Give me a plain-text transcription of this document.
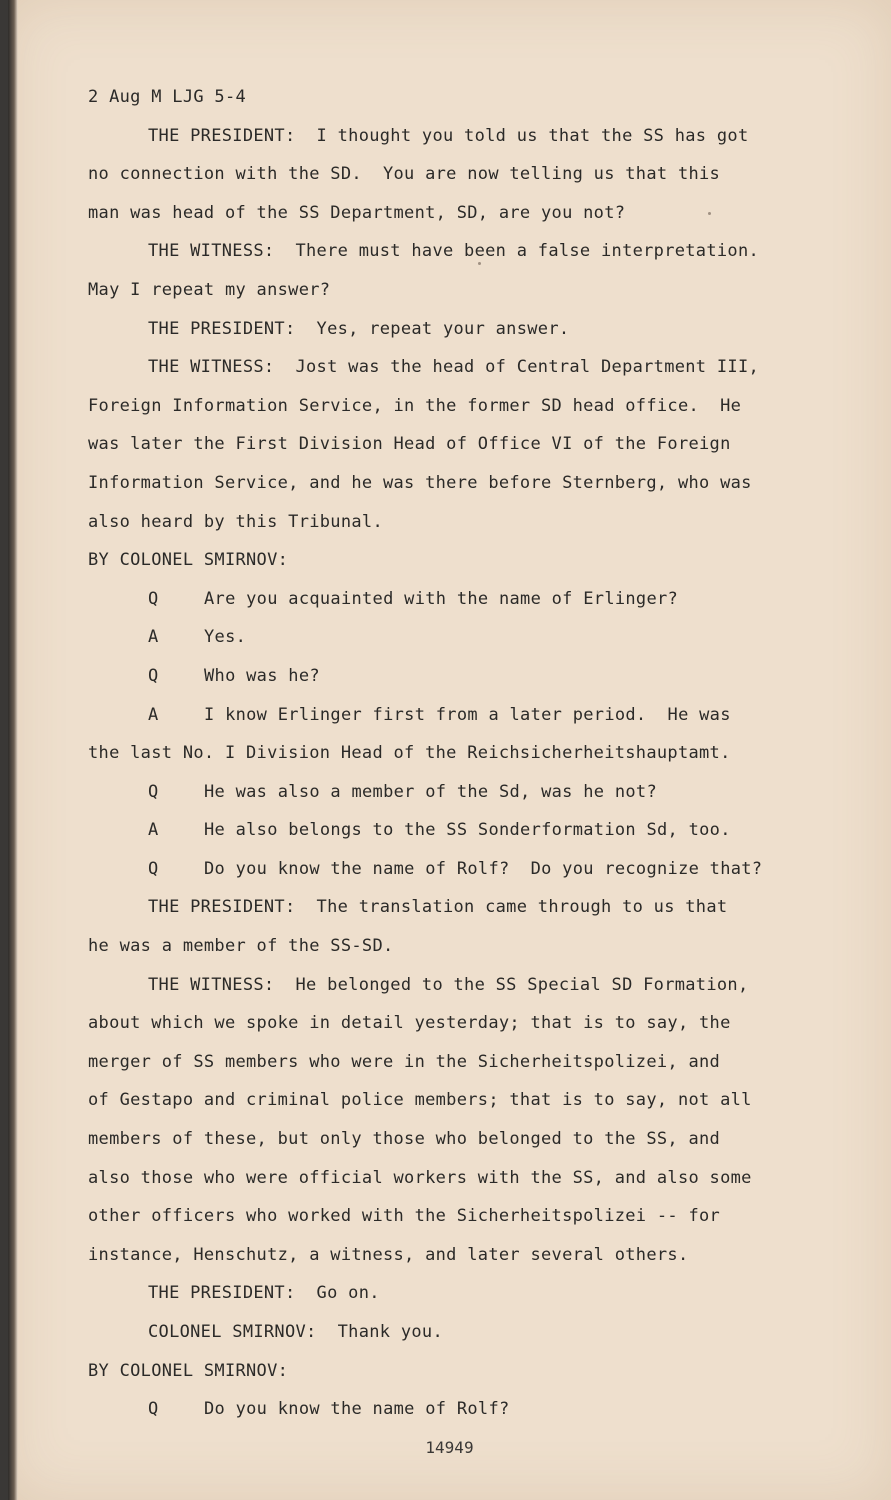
2 Aug M LJG 5-4
THE PRESIDENT:  I thought you told us that the SS has got
no connection with the SD.  You are now telling us that this
man was head of the SS Department, SD, are you not?
THE WITNESS:  There must have been a false interpretation.
May I repeat my answer?
THE PRESIDENT:  Yes, repeat your answer.
THE WITNESS:  Jost was the head of Central Department III,
Foreign Information Service, in the former SD head office.  He
was later the First Division Head of Office VI of the Foreign
Information Service, and he was there before Sternberg, who was
also heard by this Tribunal.
BY COLONEL SMIRNOV:
Q	Are you acquainted with the name of Erlinger?
A	Yes.
Q	Who was he?
A	I know Erlinger first from a later period.  He was
the last No. I Division Head of the Reichsicherheitshauptamt.
Q	He was also a member of the Sd, was he not?
A	He also belongs to the SS Sonderformation Sd, too.
Q	Do you know the name of Rolf?  Do you recognize that?
THE PRESIDENT:  The translation came through to us that
he was a member of the SS-SD.
THE WITNESS:  He belonged to the SS Special SD Formation,
about which we spoke in detail yesterday; that is to say, the
merger of SS members who were in the Sicherheitspolizei, and
of Gestapo and criminal police members; that is to say, not all
members of these, but only those who belonged to the SS, and
also those who were official workers with the SS, and also some
other officers who worked with the Sicherheitspolizei -- for
instance, Henschutz, a witness, and later several others.
THE PRESIDENT:  Go on.
COLONEL SMIRNOV:  Thank you.
BY COLONEL SMIRNOV:
Q	Do you know the name of Rolf?
14949
